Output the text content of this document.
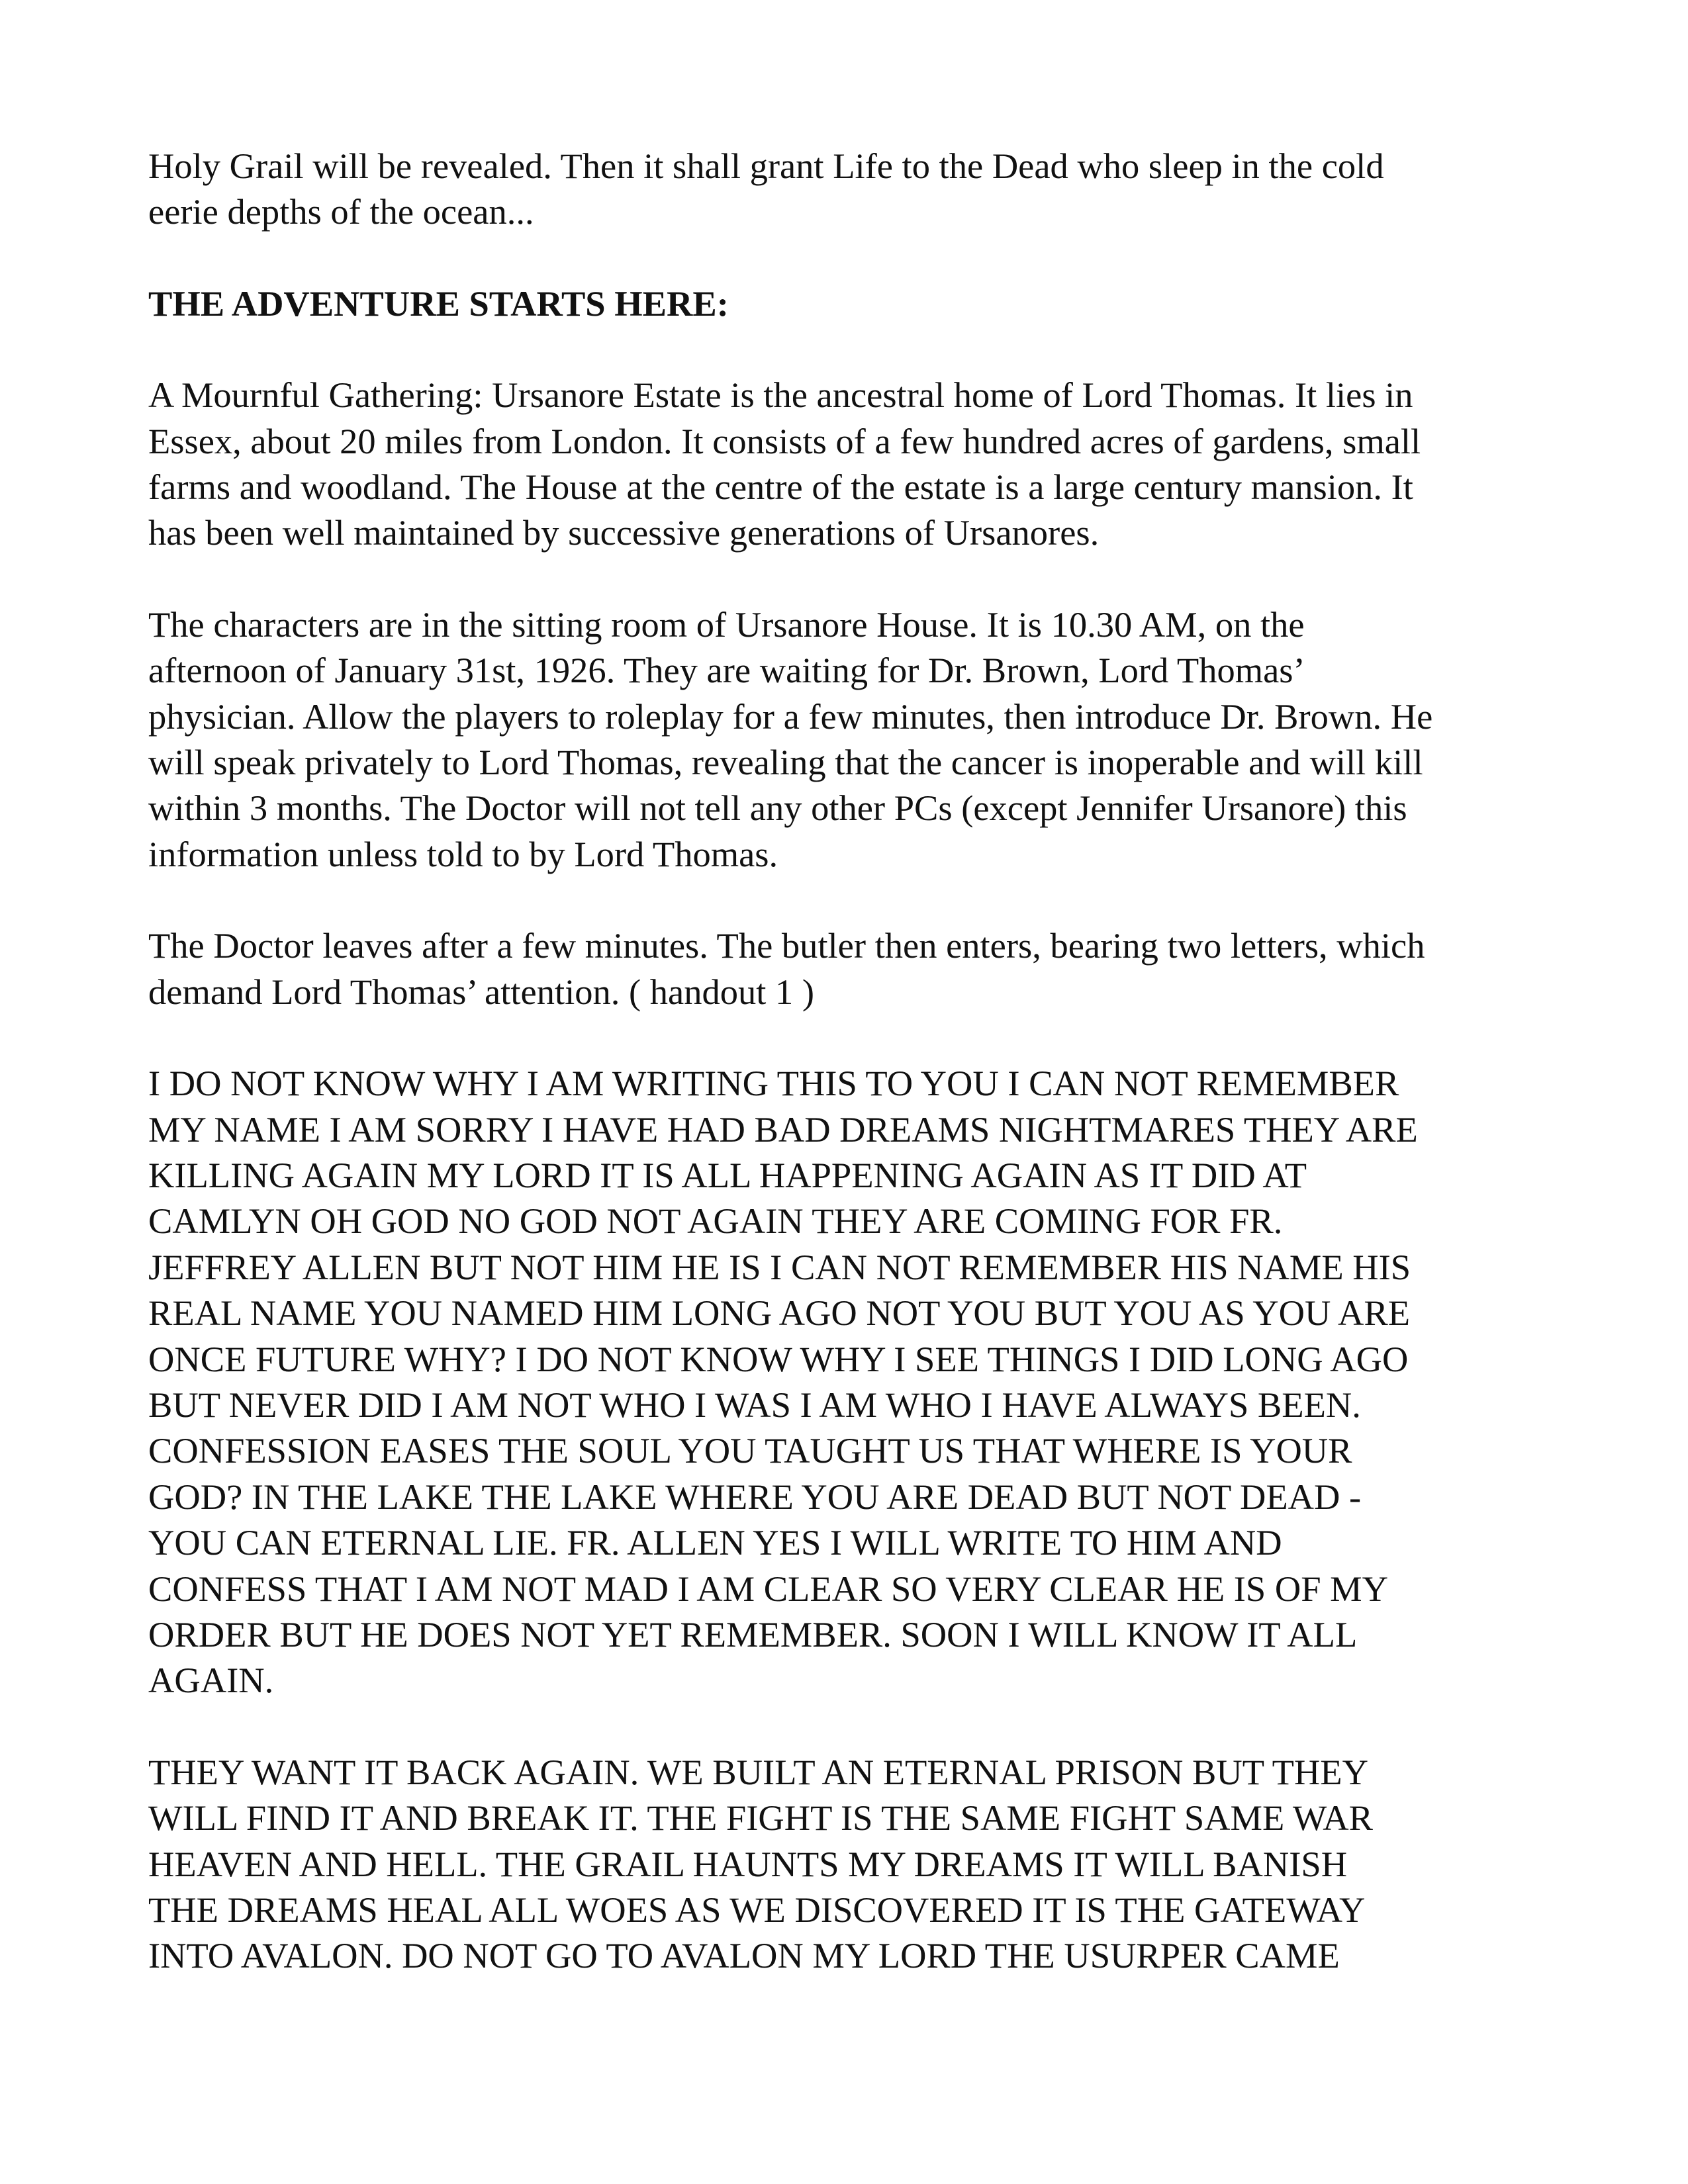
Holy Grail will be revealed. Then it shall grant Life to the Dead who sleep in the cold
eerie depths of the ocean...

THE ADVENTURE STARTS HERE:

A Mournful Gathering: Ursanore Estate is the ancestral home of Lord Thomas. It lies in
Essex, about 20 miles from London. It consists of a few hundred acres of gardens, small
farms and woodland. The House at the centre of the estate is a large century mansion. It
has been well maintained by successive generations of Ursanores.

The characters are in the sitting room of Ursanore House. It is 10.30 AM, on the
afternoon of January 31st, 1926. They are waiting for Dr. Brown, Lord Thomas’
physician. Allow the players to roleplay for a few minutes, then introduce Dr. Brown. He
will speak privately to Lord Thomas, revealing that the cancer is inoperable and will kill
within 3 months. The Doctor will not tell any other PCs (except Jennifer Ursanore) this
information unless told to by Lord Thomas.

The Doctor leaves after a few minutes. The butler then enters, bearing two letters, which
demand Lord Thomas’ attention. ( handout 1 )

I DO NOT KNOW WHY I AM WRITING THIS TO YOU I CAN NOT REMEMBER
MY NAME I AM SORRY I HAVE HAD BAD DREAMS NIGHTMARES THEY ARE
KILLING AGAIN MY LORD IT IS ALL HAPPENING AGAIN AS IT DID AT
CAMLYN OH GOD NO GOD NOT AGAIN THEY ARE COMING FOR FR.
JEFFREY ALLEN BUT NOT HIM HE IS I CAN NOT REMEMBER HIS NAME HIS
REAL NAME YOU NAMED HIM LONG AGO NOT YOU BUT YOU AS YOU ARE
ONCE FUTURE WHY? I DO NOT KNOW WHY I SEE THINGS I DID LONG AGO
BUT NEVER DID I AM NOT WHO I WAS I AM WHO I HAVE ALWAYS BEEN.
CONFESSION EASES THE SOUL YOU TAUGHT US THAT WHERE IS YOUR
GOD? IN THE LAKE THE LAKE WHERE YOU ARE DEAD BUT NOT DEAD -
YOU CAN ETERNAL LIE. FR. ALLEN YES I WILL WRITE TO HIM AND
CONFESS THAT I AM NOT MAD I AM CLEAR SO VERY CLEAR HE IS OF MY
ORDER BUT HE DOES NOT YET REMEMBER. SOON I WILL KNOW IT ALL
AGAIN.

THEY WANT IT BACK AGAIN. WE BUILT AN ETERNAL PRISON BUT THEY
WILL FIND IT AND BREAK IT. THE FIGHT IS THE SAME FIGHT SAME WAR
HEAVEN AND HELL. THE GRAIL HAUNTS MY DREAMS IT WILL BANISH
THE DREAMS HEAL ALL WOES AS WE DISCOVERED IT IS THE GATEWAY
INTO AVALON. DO NOT GO TO AVALON MY LORD THE USURPER CAME
